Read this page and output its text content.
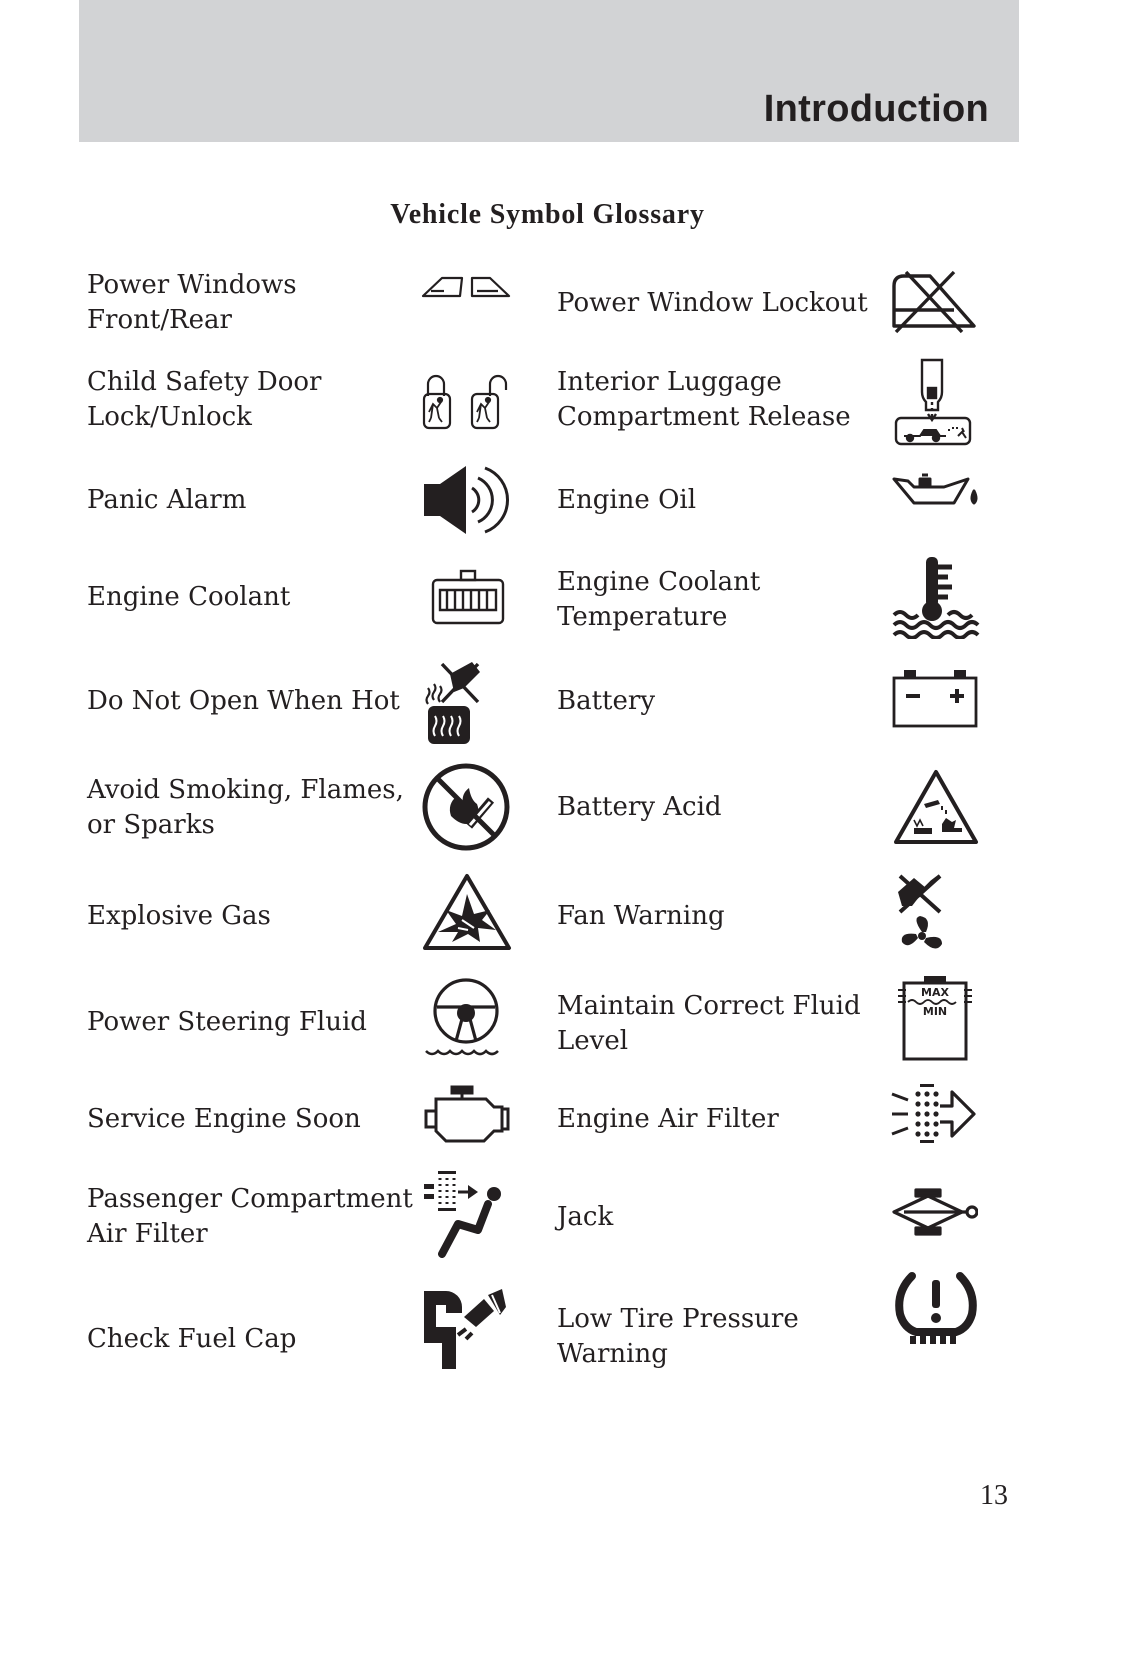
Introduction
Vehicle Symbol Glossary
Power Windows
Front/Rear
Child Safety Door
Lock/Unlock
Panic Alarm
Engine Coolant
Do Not Open When Hot
Avoid Smoking, Flames,
or Sparks
Explosive Gas
Power Steering Fluid
Service Engine Soon
Passenger Compartment
Air Filter
Check Fuel Cap
Power Window Lockout
Interior Luggage
Compartment Release
Engine Oil
Engine Coolant
Temperature
Battery
Battery Acid
Fan Warning
Maintain Correct Fluid
Level
Engine Air Filter
Jack
Low Tire Pressure
Warning
MAX
MIN
13
